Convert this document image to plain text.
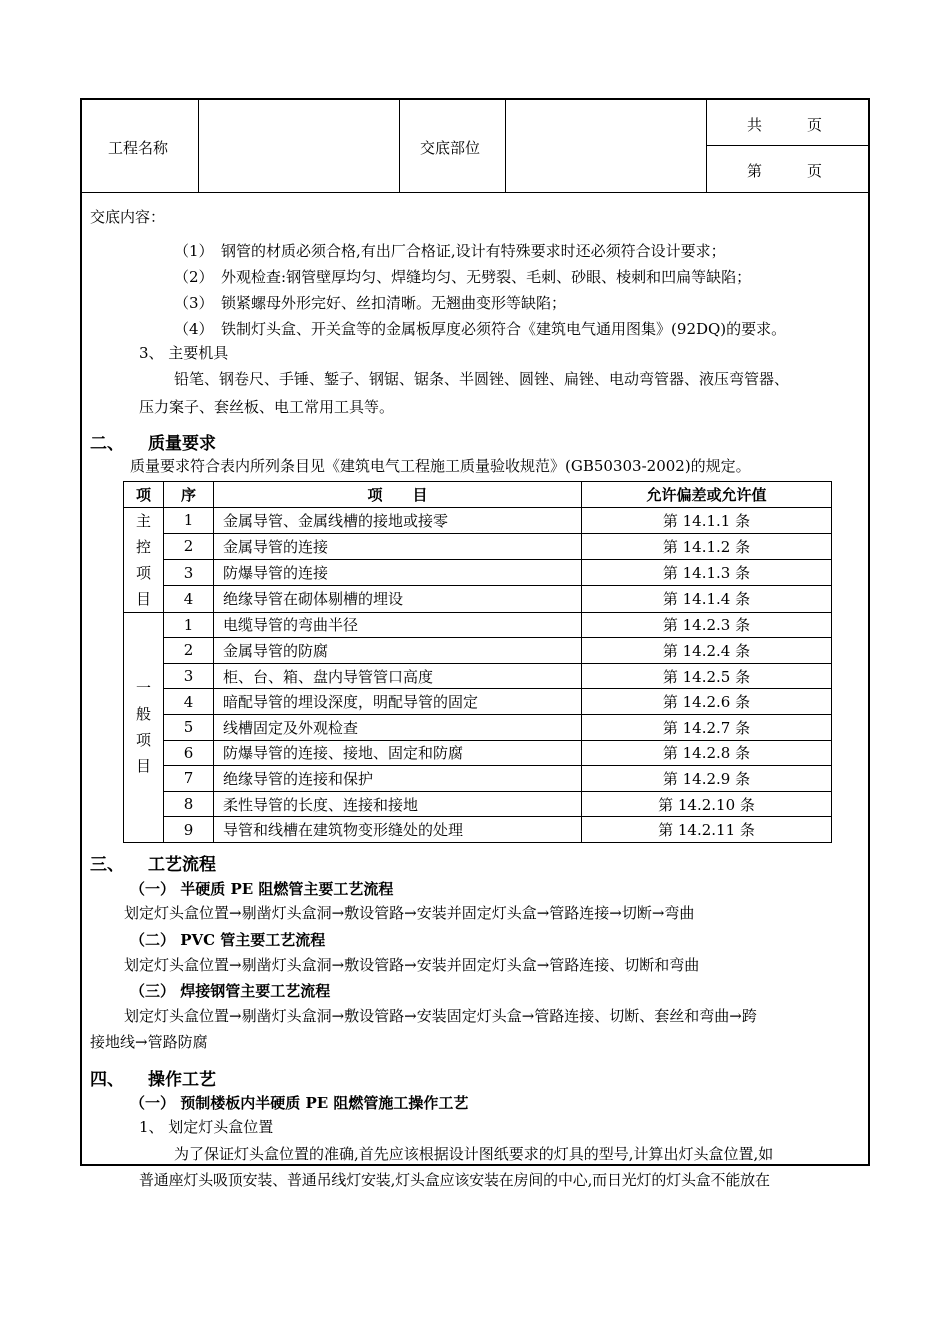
工程名称	交底部位
共　　　页
第　　　页
交底内容：
（1）　钢管的材质必须合格,有出厂合格证,设计有特殊要求时还必须符合设计要求；
（2）　外观检查:钢管壁厚均匀、焊缝均匀、无劈裂、毛刺、砂眼、棱刺和凹扁等缺陷；
（3）　锁紧螺母外形完好、丝扣清晰。无翘曲变形等缺陷；
（4）　铁制灯头盒、开关盒等的金属板厚度必须符合《建筑电气通用图集》(92DQ)的要求。
3、 主要机具
铅笔、钢卷尺、手锤、錾子、钢锯、锯条、半圆锉、圆锉、扁锉、电动弯管器、液压弯管器、
压力案子、套丝板、电工常用工具等。
二、 质量要求
质量要求符合表内所列条目见《建筑电气工程施工质量验收规范》(GB50303-2002)的规定。
项	序	项　　目	允许偏差或允许值

主
控
项
目	1	金属导管、金属线槽的接地或接零	第 14.1.1 条
	2	金属导管的连接	第 14.1.2 条
	3	防爆导管的连接	第 14.1.3 条
	4	绝缘导管在砌体剔槽的埋设	第 14.1.4 条

一
般
项
目	1	电缆导管的弯曲半径	第 14.2.3 条
	2	金属导管的防腐	第 14.2.4 条
	3	柜、台、箱、盘内导管管口高度	第 14.2.5 条
	4	暗配导管的埋设深度，明配导管的固定	第 14.2.6 条
	5	线槽固定及外观检查	第 14.2.7 条
	6	防爆导管的连接、接地、固定和防腐	第 14.2.8 条
	7	绝缘导管的连接和保护	第 14.2.9 条
	8	柔性导管的长度、连接和接地	第 14.2.10 条
	9	导管和线槽在建筑物变形缝处的处理	第 14.2.11 条
三、 工艺流程
（一） 半硬质 PE 阻燃管主要工艺流程
划定灯头盒位置→剔凿灯头盒洞→敷设管路→安装并固定灯头盒→管路连接→切断→弯曲
（二） PVC 管主要工艺流程
划定灯头盒位置→剔凿灯头盒洞→敷设管路→安装并固定灯头盒→管路连接、切断和弯曲
（三） 焊接钢管主要工艺流程
划定灯头盒位置→剔凿灯头盒洞→敷设管路→安装固定灯头盒→管路连接、切断、套丝和弯曲→跨
接地线→管路防腐
四、 操作工艺
（一） 预制楼板内半硬质 PE 阻燃管施工操作工艺
1、 划定灯头盒位置
为了保证灯头盒位置的准确,首先应该根据设计图纸要求的灯具的型号,计算出灯头盒位置,如
普通座灯头吸顶安装、普通吊线灯安装,灯头盒应该安装在房间的中心,而日光灯的灯头盒不能放在
